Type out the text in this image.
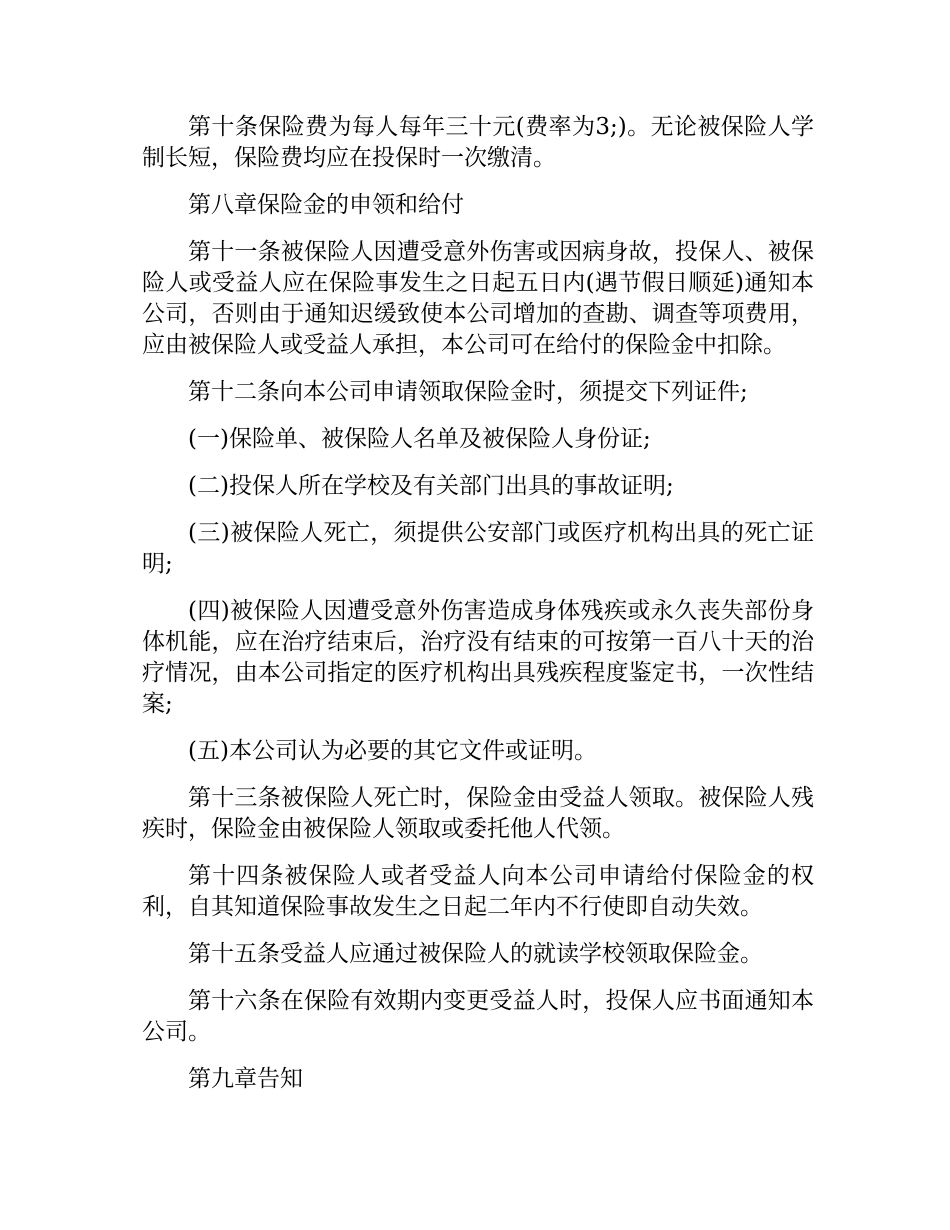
第十条保险费为每人每年三十元(费率为3;)。无论被保险人学制长短，保险费均应在投保时一次缴清。

第八章保险金的申领和给付

第十一条被保险人因遭受意外伤害或因病身故，投保人、被保险人或受益人应在保险事发生之日起五日内(遇节假日顺延)通知本公司，否则由于通知迟缓致使本公司增加的查勘、调查等项费用，应由被保险人或受益人承担，本公司可在给付的保险金中扣除。

第十二条向本公司申请领取保险金时，须提交下列证件;

(一)保险单、被保险人名单及被保险人身份证;

(二)投保人所在学校及有关部门出具的事故证明;

(三)被保险人死亡，须提供公安部门或医疗机构出具的死亡证明;

(四)被保险人因遭受意外伤害造成身体残疾或永久丧失部份身体机能，应在治疗结束后，治疗没有结束的可按第一百八十天的治疗情况，由本公司指定的医疗机构出具残疾程度鉴定书，一次性结案;

(五)本公司认为必要的其它文件或证明。

第十三条被保险人死亡时，保险金由受益人领取。被保险人残疾时，保险金由被保险人领取或委托他人代领。

第十四条被保险人或者受益人向本公司申请给付保险金的权利，自其知道保险事故发生之日起二年内不行使即自动失效。

第十五条受益人应通过被保险人的就读学校领取保险金。

第十六条在保险有效期内变更受益人时，投保人应书面通知本公司。

第九章告知
